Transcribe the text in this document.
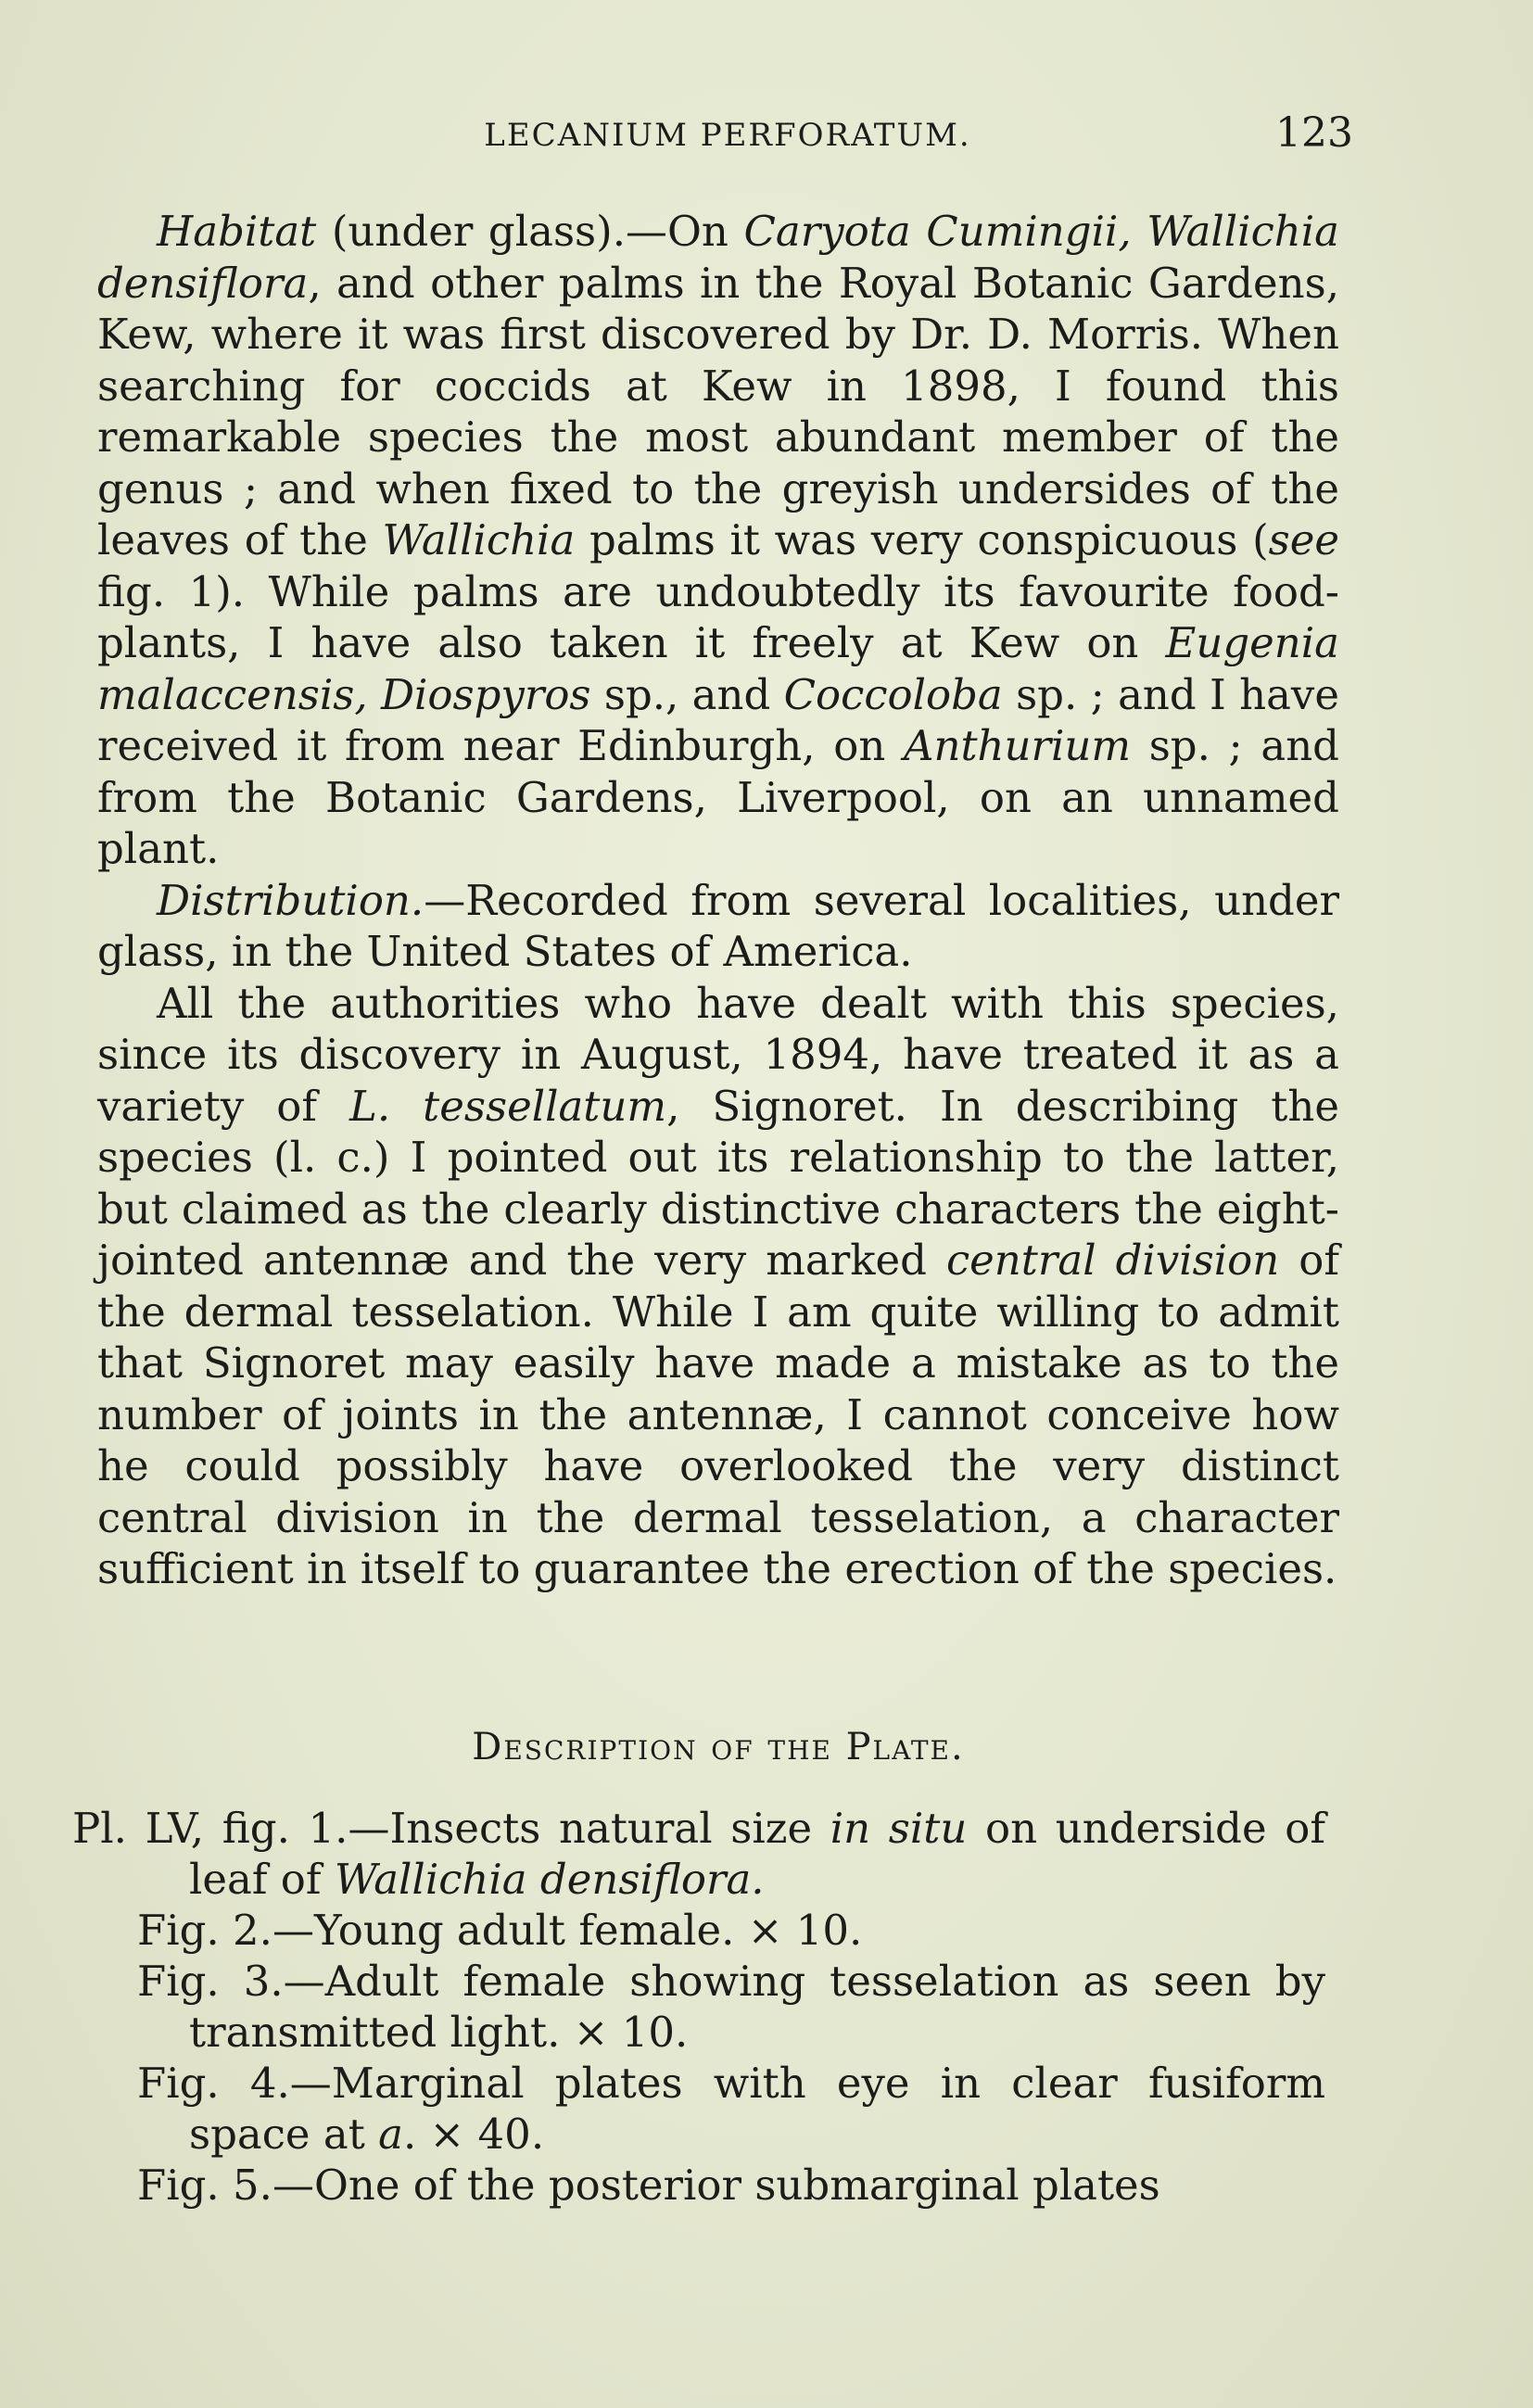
LECANIUM PERFORATUM.	123

Habitat (under glass).—On Caryota Cumingii, Wallichia densiflora, and other palms in the Royal Botanic Gardens, Kew, where it was first discovered by Dr. D. Morris. When searching for coccids at Kew in 1898, I found this remarkable species the most abundant member of the genus ; and when fixed to the greyish undersides of the leaves of the Wallichia palms it was very conspicuous (see fig. 1). While palms are undoubtedly its favourite food-plants, I have also taken it freely at Kew on Eugenia malaccensis, Diospyros sp., and Coccoloba sp. ; and I have received it from near Edinburgh, on Anthurium sp. ; and from the Botanic Gardens, Liverpool, on an unnamed plant.

Distribution.—Recorded from several localities, under glass, in the United States of America.

All the authorities who have dealt with this species, since its discovery in August, 1894, have treated it as a variety of L. tessellatum, Signoret. In describing the species (l. c.) I pointed out its relationship to the latter, but claimed as the clearly distinctive characters the eight-jointed antennæ and the very marked central division of the dermal tesselation. While I am quite willing to admit that Signoret may easily have made a mistake as to the number of joints in the antennæ, I cannot conceive how he could possibly have overlooked the very distinct central division in the dermal tesselation, a character sufficient in itself to guarantee the erection of the species.

Description of the Plate.

Pl. LV, fig. 1.—Insects natural size in situ on underside of leaf of Wallichia densiflora.

Fig. 2.—Young adult female. × 10.

Fig. 3.—Adult female showing tesselation as seen by transmitted light. × 10.

Fig. 4.—Marginal plates with eye in clear fusiform space at a. × 40.

Fig. 5.—One of the posterior submarginal plates
